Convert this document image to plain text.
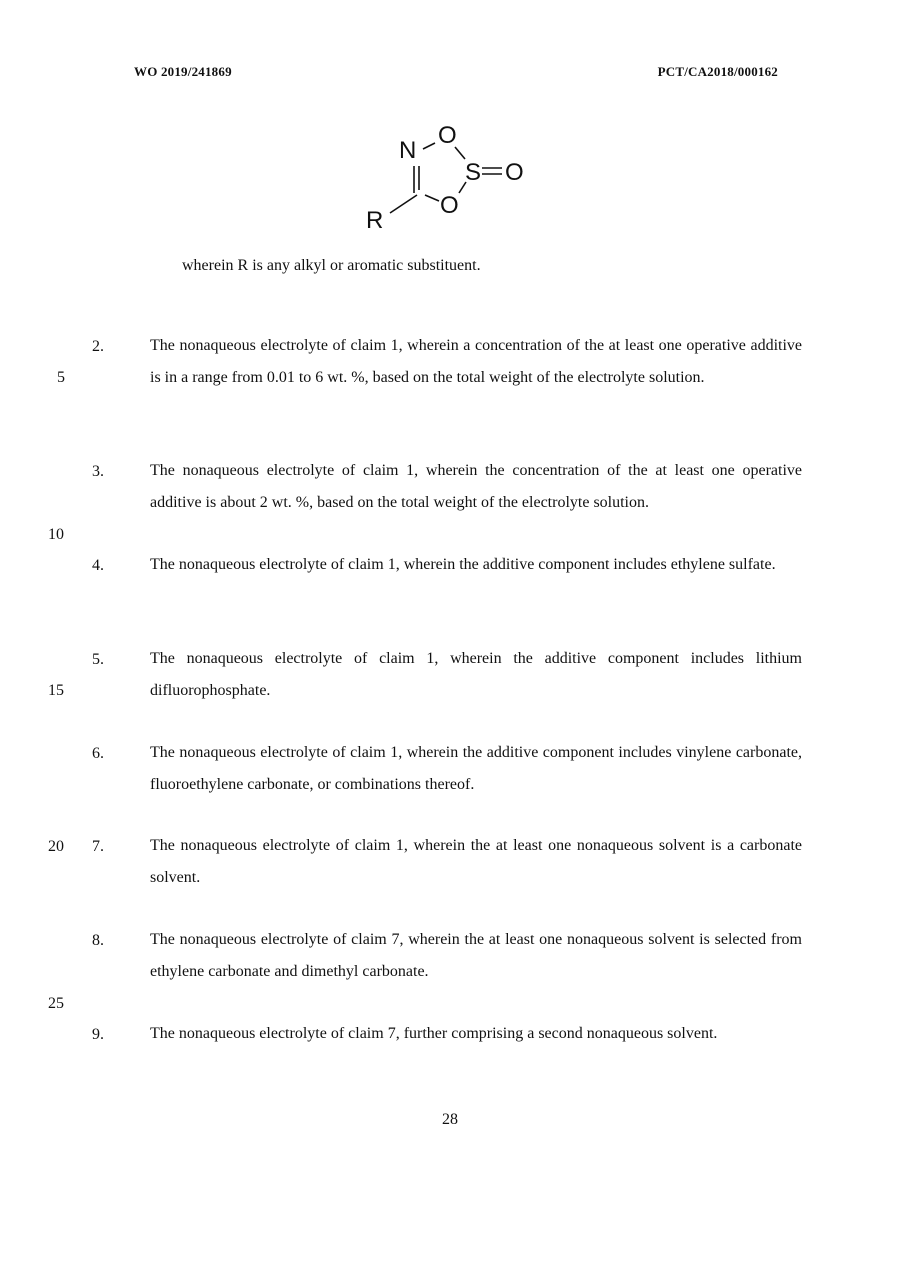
WO 2019/241869	PCT/CA2018/000162
N
O
S O
O
R
wherein R is any alkyl or aromatic substituent.
2.	The nonaqueous electrolyte of claim 1, wherein a concentration of the at least one operative additive is in a range from 0.01 to 6 wt. %, based on the total weight of the electrolyte solution.
3.	The nonaqueous electrolyte of claim 1, wherein the concentration of the at least one operative additive is about 2 wt. %, based on the total weight of the electrolyte solution.
4.	The nonaqueous electrolyte of claim 1, wherein the additive component includes ethylene sulfate.
5.	The nonaqueous electrolyte of claim 1, wherein the additive component includes lithium difluorophosphate.
6.	The nonaqueous electrolyte of claim 1, wherein the additive component includes vinylene carbonate, fluoroethylene carbonate, or combinations thereof.
7.	The nonaqueous electrolyte of claim 1, wherein the at least one nonaqueous solvent is a carbonate solvent.
8.	The nonaqueous electrolyte of claim 7, wherein the at least one nonaqueous solvent is selected from ethylene carbonate and dimethyl carbonate.
9.	The nonaqueous electrolyte of claim 7, further comprising a second nonaqueous solvent.
5
10
15
20
25
28
